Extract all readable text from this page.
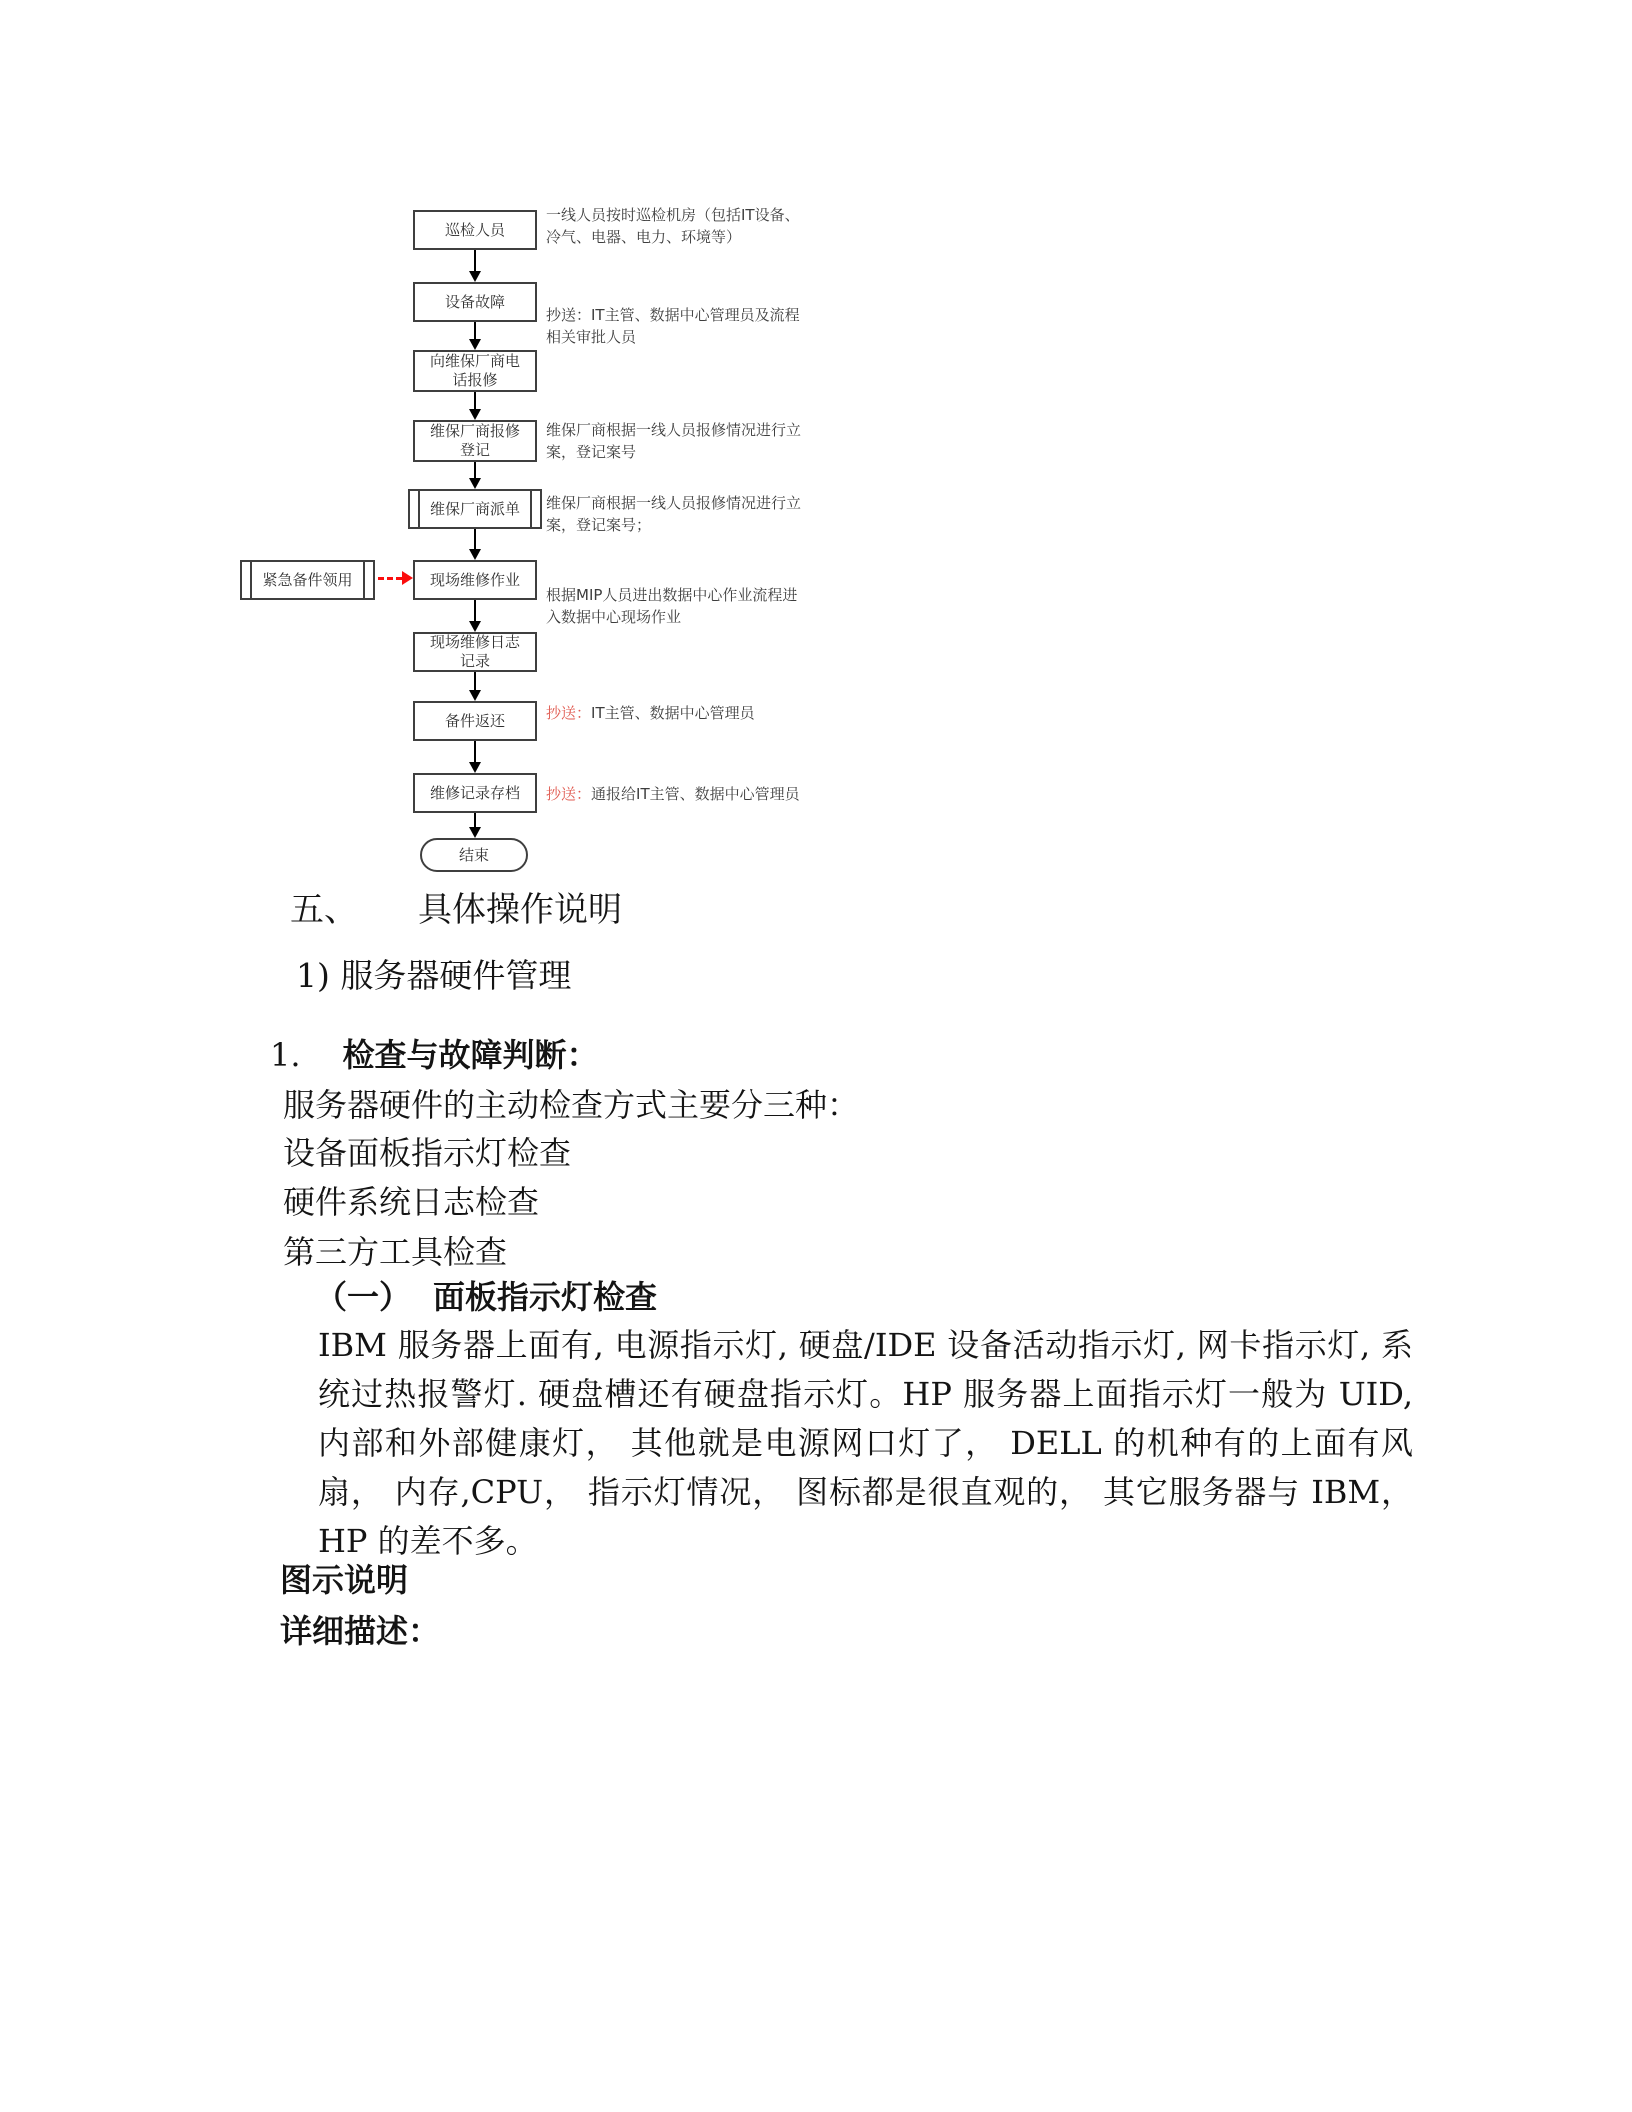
巡检人员
设备故障
向维保厂商电话报修
维保厂商报修登记
维保厂商派单
现场维修作业
现场维修日志记录
备件返还
维修记录存档
结束
紧急备件领用
一线人员按时巡检机房（包括IT设备、冷气、电器、电力、环境等）
抄送：IT主管、数据中心管理员及流程相关审批人员
维保厂商根据一线人员报修情况进行立案，登记案号
维保厂商根据一线人员报修情况进行立案，登记案号；
根据MIP人员进出数据中心作业流程进入数据中心现场作业
抄送：IT主管、数据中心管理员
抄送：通报给IT主管、数据中心管理员
五、 具体操作说明
1) 服务器硬件管理
1. 检查与故障判断：
服务器硬件的主动检查方式主要分三种：
设备面板指示灯检查
硬件系统日志检查
第三方工具检查
（一） 面板指示灯检查
IBM 服务器上面有, 电源指示灯, 硬盘/IDE 设备活动指示灯, 网卡指示灯, 系统过热报警灯. 硬盘槽还有硬盘指示灯。HP 服务器上面指示灯一般为 UID, 内部和外部健康灯， 其他就是电源网口灯了， DELL 的机种有的上面有风扇， 内存,CPU， 指示灯情况， 图标都是很直观的， 其它服务器与 IBM， HP 的差不多。
图示说明
详细描述：
